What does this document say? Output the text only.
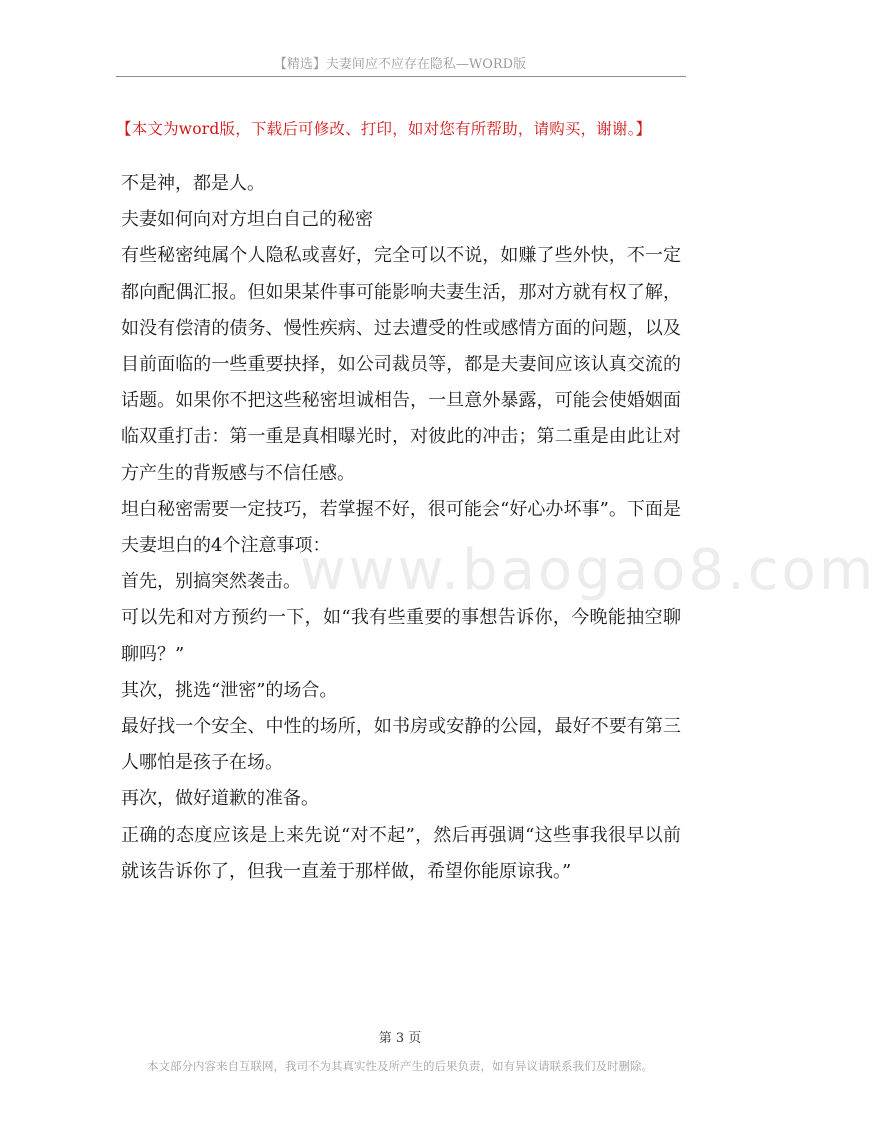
【精选】夫妻间应不应存在隐私—WORD版
【本文为word版，下载后可修改、打印，如对您有所帮助，请购买，谢谢。】
www.baogao8.com

不是神，都是人。

夫妻如何向对方坦白自己的秘密

有些秘密纯属个人隐私或喜好，完全可以不说，如赚了些外快，不一定都向配偶汇报。但如果某件事可能影响夫妻生活，那对方就有权了解，如没有偿清的债务、慢性疾病、过去遭受的性或感情方面的问题，以及目前面临的一些重要抉择，如公司裁员等，都是夫妻间应该认真交流的话题。如果你不把这些秘密坦诚相告，一旦意外暴露，可能会使婚姻面临双重打击：第一重是真相曝光时，对彼此的冲击；第二重是由此让对方产生的背叛感与不信任感。

坦白秘密需要一定技巧，若掌握不好，很可能会“好心办坏事”。下面是夫妻坦白的4个注意事项：

首先，别搞突然袭击。

可以先和对方预约一下，如“我有些重要的事想告诉你，今晚能抽空聊聊吗？”

其次，挑选“泄密”的场合。

最好找一个安全、中性的场所，如书房或安静的公园，最好不要有第三人哪怕是孩子在场。

再次，做好道歉的准备。

正确的态度应该是上来先说“对不起”，然后再强调“这些事我很早以前就该告诉你了，但我一直羞于那样做，希望你能原谅我。”

第 3 页
本文部分内容来自互联网，我司不为其真实性及所产生的后果负责，如有异议请联系我们及时删除。
